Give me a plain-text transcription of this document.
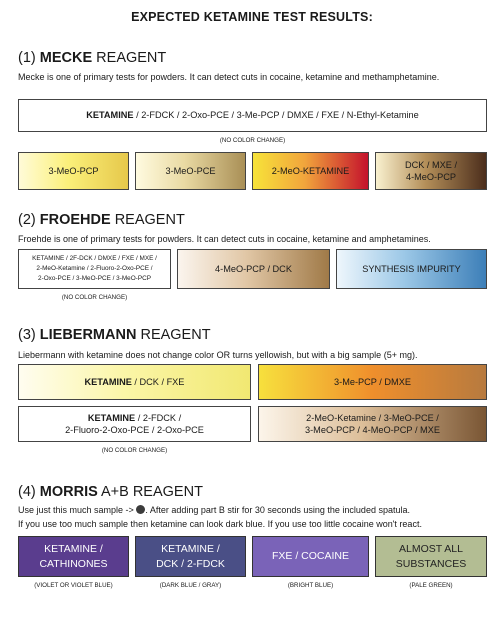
EXPECTED KETAMINE TEST RESULTS:
(1) MECKE REAGENT
Mecke is one of primary tests for powders. It can detect cuts in cocaine, ketamine and methamphetamine.
KETAMINE / 2-FDCK / 2-Oxo-PCE / 3-Me-PCP / DMXE / FXE / N-Ethyl-Ketamine
(NO COLOR CHANGE)
3-MeO-PCP	3-MeO-PCE	2-MeO-KETAMINE
DCK / MXE /
4-MeO-PCP
(2) FROEHDE REAGENT
Froehde is one of primary tests for powders. It can detect cuts in cocaine, ketamine and amphetamines.
KETAMINE / 2F-DCK / DMXE / FXE / MXE /
2-MeO-Ketamine / 2-Fluoro-2-Oxo-PCE /
2-Oxo-PCE / 3-MeO-PCE / 3-MeO-PCP
(NO COLOR CHANGE)
4-MeO-PCP / DCK	SYNTHESIS IMPURITY
(3) LIEBERMANN REAGENT
Liebermann with ketamine does not change color OR turns yellowish, but with a big sample (5+ mg).
KETAMINE / DCK / FXE	3-Me-PCP / DMXE
KETAMINE / 2-FDCK /
2-Fluoro-2-Oxo-PCE / 2-Oxo-PCE
(NO COLOR CHANGE)
2-MeO-Ketamine / 3-MeO-PCE /
3-MeO-PCP / 4-MeO-PCP / MXE
(4) MORRIS A+B REAGENT
Use just this much sample -> . After adding part B stir for 30 seconds using the included spatula.
If you use too much sample then ketamine can look dark blue. If you use too little cocaine won't react.
KETAMINE /
CATHINONES
(VIOLET OR VIOLET BLUE)
KETAMINE /
DCK / 2-FDCK
(DARK BLUE / GRAY)
FXE / COCAINE
(BRIGHT BLUE)
ALMOST ALL
SUBSTANCES
(PALE GREEN)
